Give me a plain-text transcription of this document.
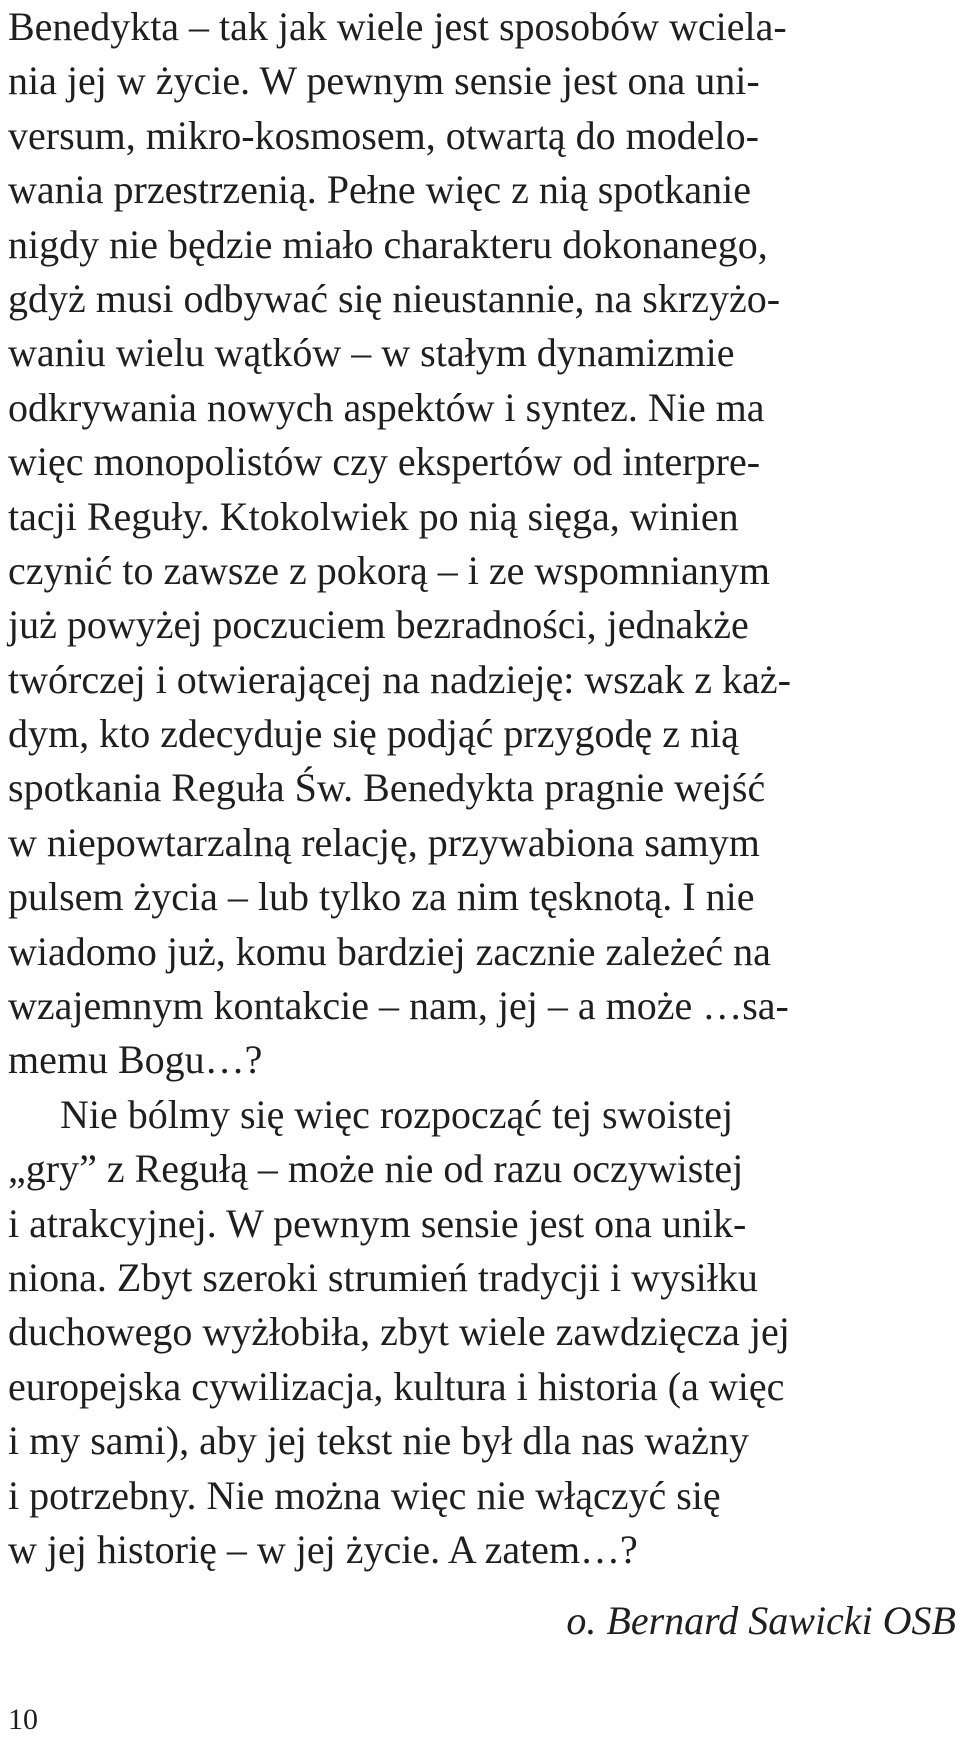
Benedykta – tak jak wiele jest sposobów wciela-
nia jej w życie. W pewnym sensie jest ona uni-
versum, mikro-kosmosem, otwartą do modelo-
wania przestrzenią. Pełne więc z nią spotkanie
nigdy nie będzie miało charakteru dokonanego,
gdyż musi odbywać się nieustannie, na skrzyżo-
waniu wielu wątków – w stałym dynamizmie
odkrywania nowych aspektów i syntez. Nie ma
więc monopolistów czy ekspertów od interpre-
tacji Reguły. Ktokolwiek po nią sięga, winien
czynić to zawsze z pokorą – i ze wspomnianym
już powyżej poczuciem bezradności, jednakże
twórczej i otwierającej na nadzieję: wszak z każ-
dym, kto zdecyduje się podjąć przygodę z nią
spotkania Reguła Św. Benedykta pragnie wejść
w niepowtarzalną relację, przywabiona samym
pulsem życia – lub tylko za nim tęsknotą. I nie
wiadomo już, komu bardziej zacznie zależeć na
wzajemnym kontakcie – nam, jej – a może …sa-
memu Bogu…?
Nie bólmy się więc rozpocząć tej swoistej
„gry” z Regułą – może nie od razu oczywistej
i atrakcyjnej. W pewnym sensie jest ona unik-
niona. Zbyt szeroki strumień tradycji i wysiłku
duchowego wyżłobiła, zbyt wiele zawdzięcza jej
europejska cywilizacja, kultura i historia (a więc
i my sami), aby jej tekst nie był dla nas ważny
i potrzebny. Nie można więc nie włączyć się
w jej historię – w jej życie. A zatem…?
o. Bernard Sawicki OSB
10
